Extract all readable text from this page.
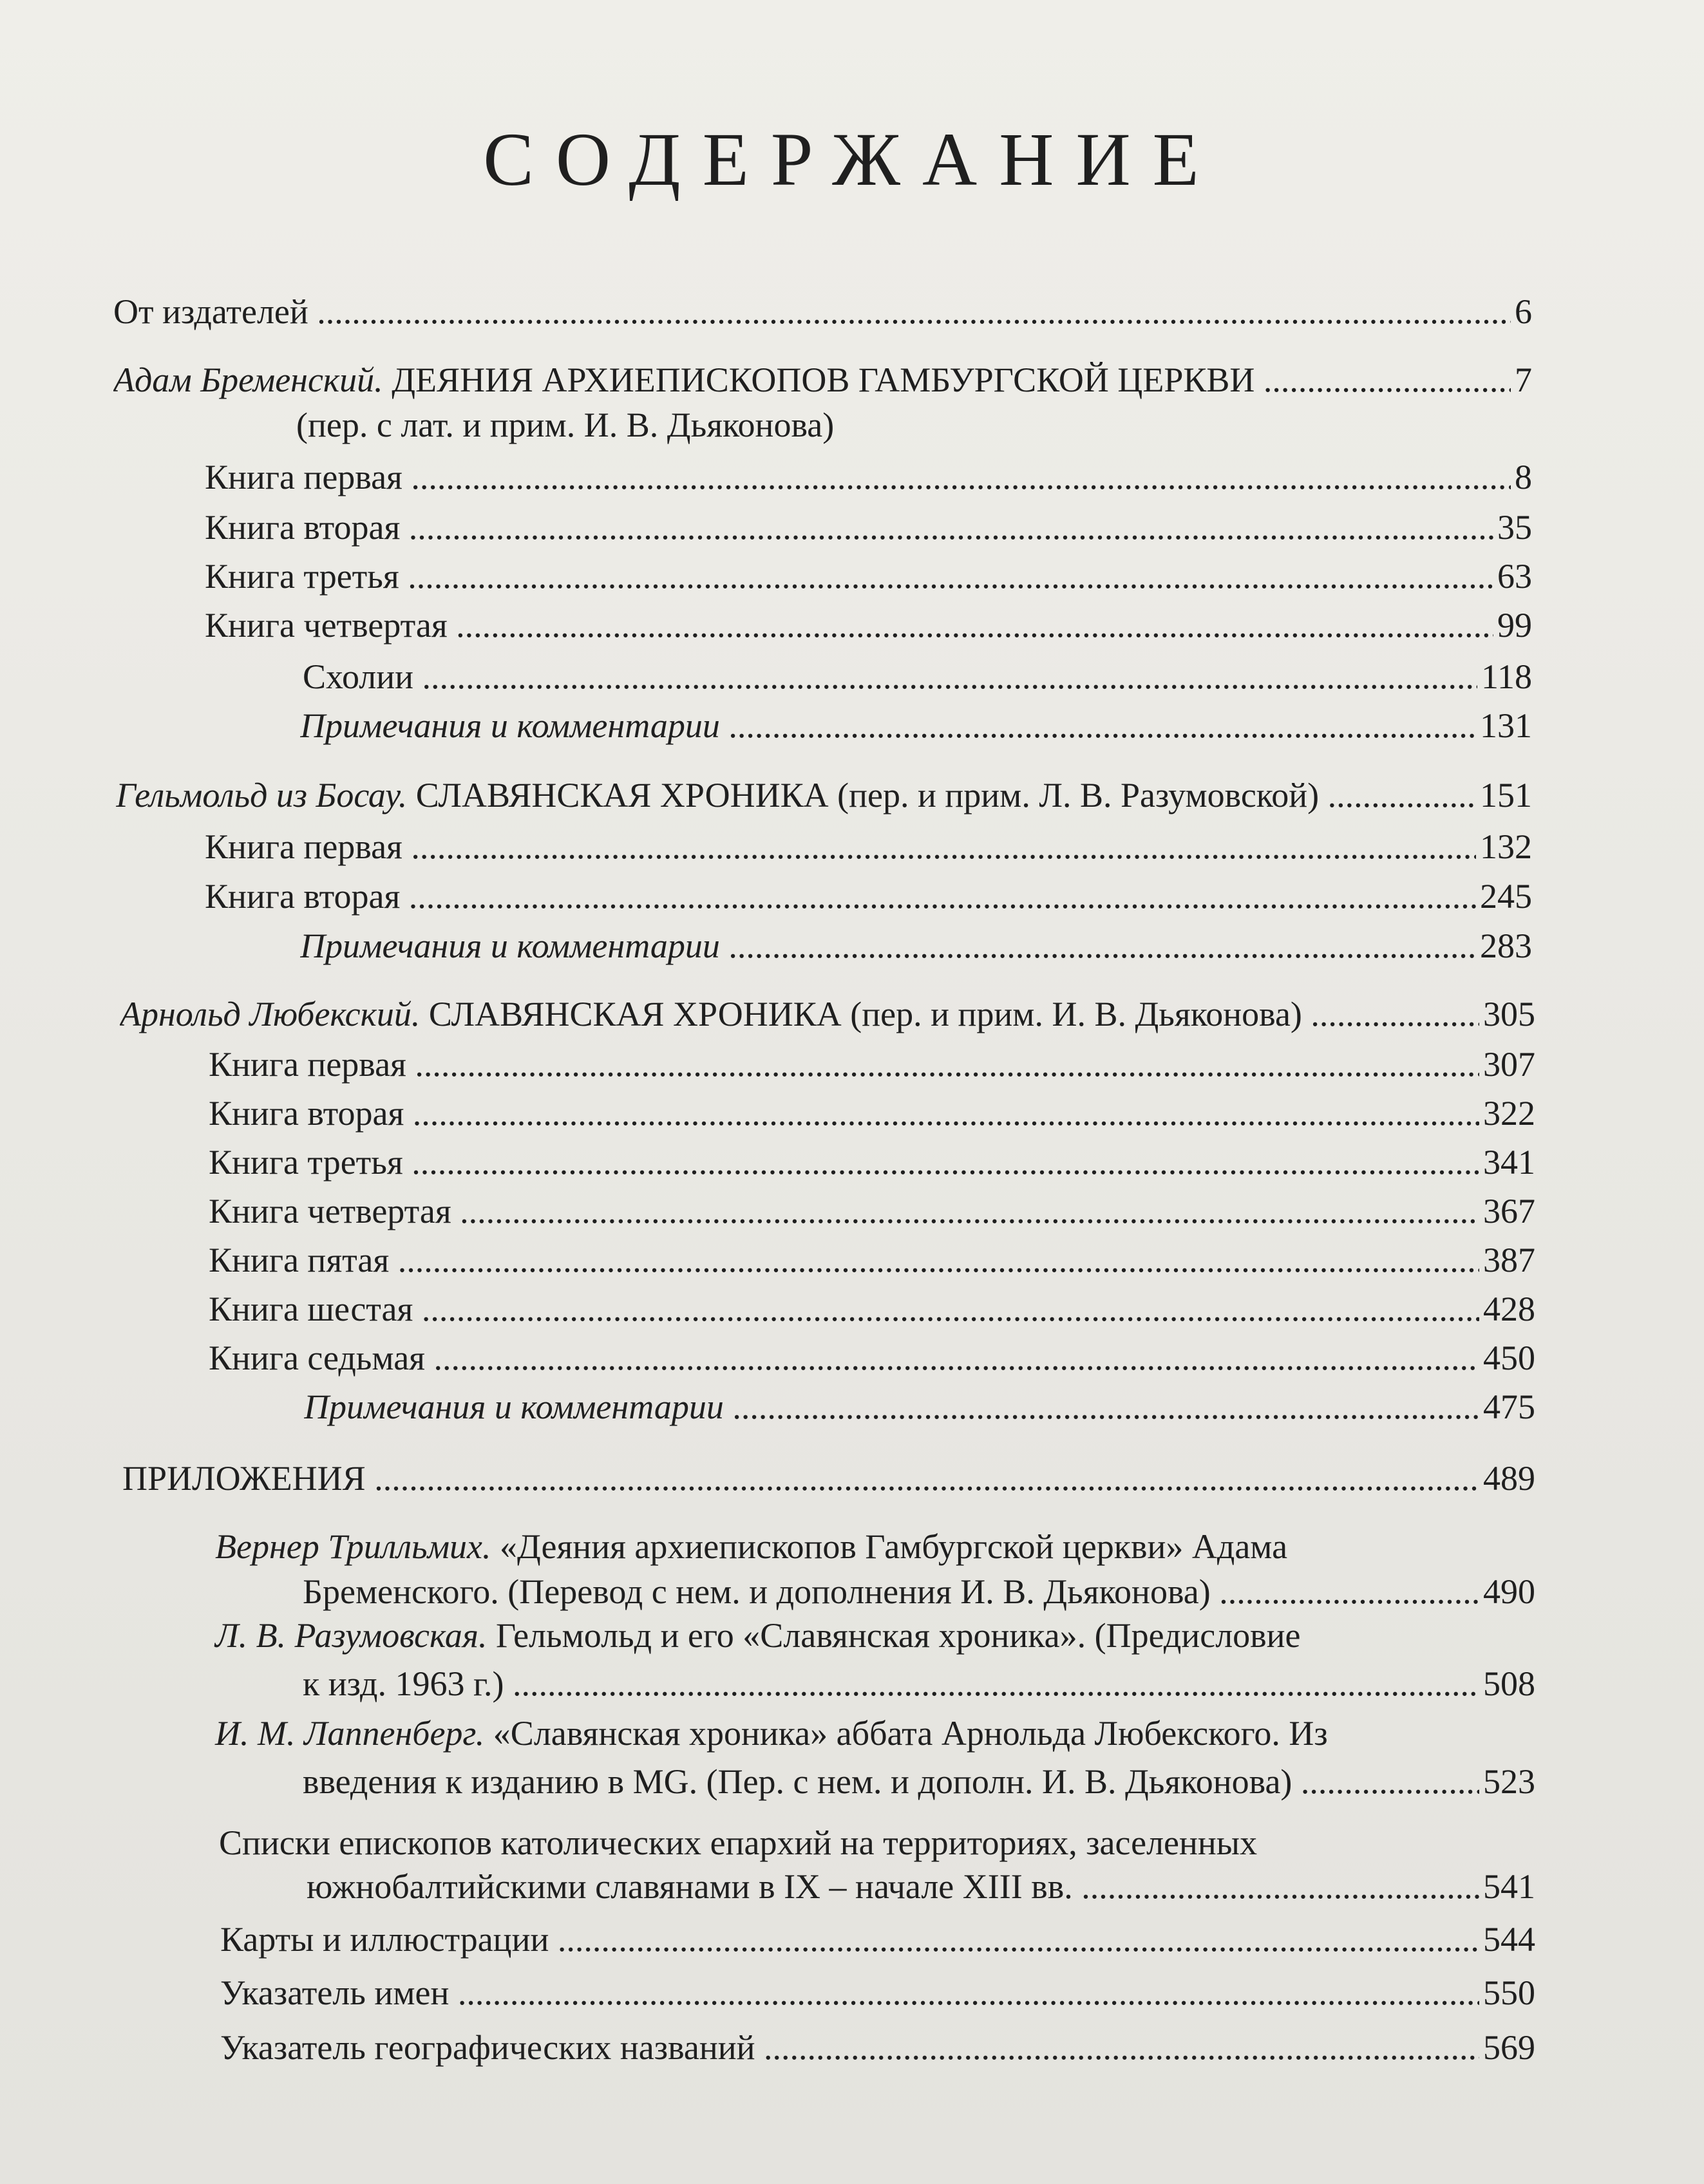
СОДЕРЖАНИЕ
От издателей .....	6
Адам Бременский. ДЕЯНИЯ АРХИЕПИСКОПОВ ГАМБУРГСКОЙ ЦЕРКВИ .....	7
(пер. с лат. и прим. И. В. Дьяконова)
Книга первая .....	8
Книга вторая .....	35
Книга третья .....	63
Книга четвертая .....	99
Схолии .....	118
Примечания и комментарии .....	131
Гельмольд из Босау. СЛАВЯНСКАЯ ХРОНИКА (пер. и прим. Л. В. Разумовской) .....	151
Книга первая .....	132
Книга вторая .....	245
Примечания и комментарии .....	283
Арнольд Любекский. СЛАВЯНСКАЯ ХРОНИКА (пер. и прим. И. В. Дьяконова) .....	305
Книга первая .....	307
Книга вторая .....	322
Книга третья .....	341
Книга четвертая .....	367
Книга пятая .....	387
Книга шестая .....	428
Книга седьмая .....	450
Примечания и комментарии .....	475
ПРИЛОЖЕНИЯ .....	489
Вернер Трилльмих. «Деяния архиепископов Гамбургской церкви» Адама
Бременского. (Перевод с нем. и дополнения И. В. Дьяконова) .....	490
Л. В. Разумовская. Гельмольд и его «Славянская хроника». (Предисловие
к изд. 1963 г.) .....	508
И. М. Лаппенберг. «Славянская хроника» аббата Арнольда Любекского. Из
введения к изданию в MG. (Пер. с нем. и дополн. И. В. Дьяконова) .....	523
Списки епископов католических епархий на территориях, заселенных
южнобалтийскими славянами в IX – начале XIII вв. .....	541
Карты и иллюстрации .....	544
Указатель имен .....	550
Указатель географических названий .....	569
